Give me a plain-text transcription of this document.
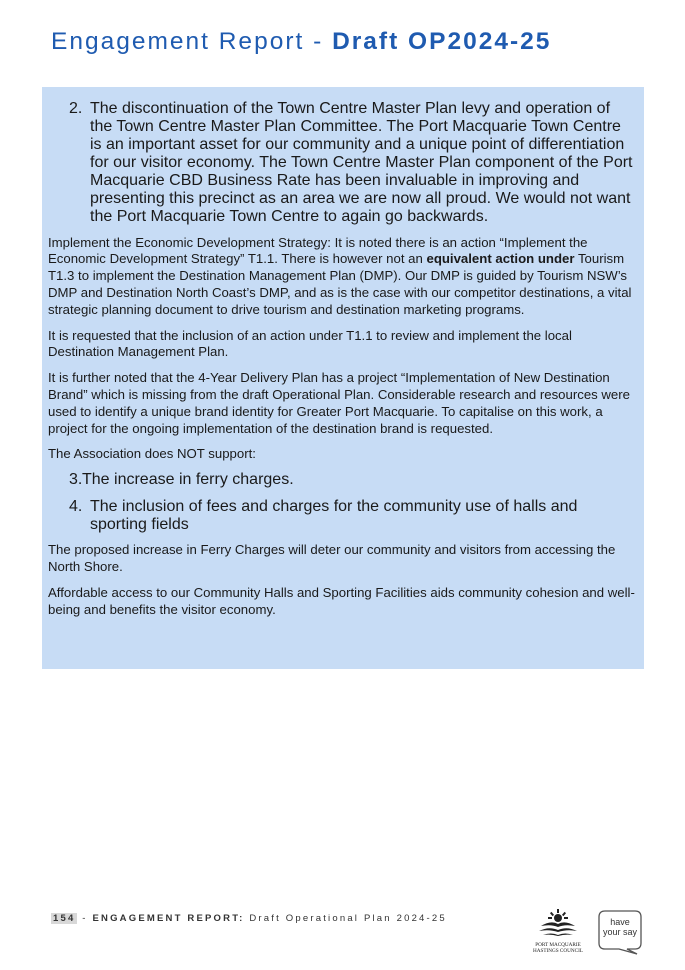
Engagement Report - Draft OP2024-25
2. The discontinuation of the Town Centre Master Plan levy and operation of the Town Centre Master Plan Committee. The Port Macquarie Town Centre is an important asset for our community and a unique point of differentiation for our visitor economy. The Town Centre Master Plan component of the Port Macquarie CBD Business Rate has been invaluable in improving and presenting this precinct as an area we are now all proud. We would not want the Port Macquarie Town Centre to again go backwards.

Implement the Economic Development Strategy: It is noted there is an action “Implement the Economic Development Strategy” T1.1. There is however not an equivalent action under Tourism T1.3 to implement the Destination Management Plan (DMP). Our DMP is guided by Tourism NSW’s DMP and Destination North Coast’s DMP, and as is the case with our competitor destinations, a vital strategic planning document to drive tourism and destination marketing programs.

It is requested that the inclusion of an action under T1.1 to review and implement the local Destination Management Plan.

It is further noted that the 4-Year Delivery Plan has a project “Implementation of New Destination Brand” which is missing from the draft Operational Plan. Considerable research and resources were used to identify a unique brand identity for Greater Port Macquarie. To capitalise on this work, a project for the ongoing implementation of the destination brand is requested.

The Association does NOT support:

3. The increase in ferry charges.
4. The inclusion of fees and charges for the community use of halls and sporting fields

The proposed increase in Ferry Charges will deter our community and visitors from accessing the North Shore.

Affordable access to our Community Halls and Sporting Facilities aids community cohesion and well-being and benefits the visitor economy.

154 - ENGAGEMENT REPORT: Draft Operational Plan 2024-25
PORT MACQUARIE
HASTINGS COUNCIL
have
your say
